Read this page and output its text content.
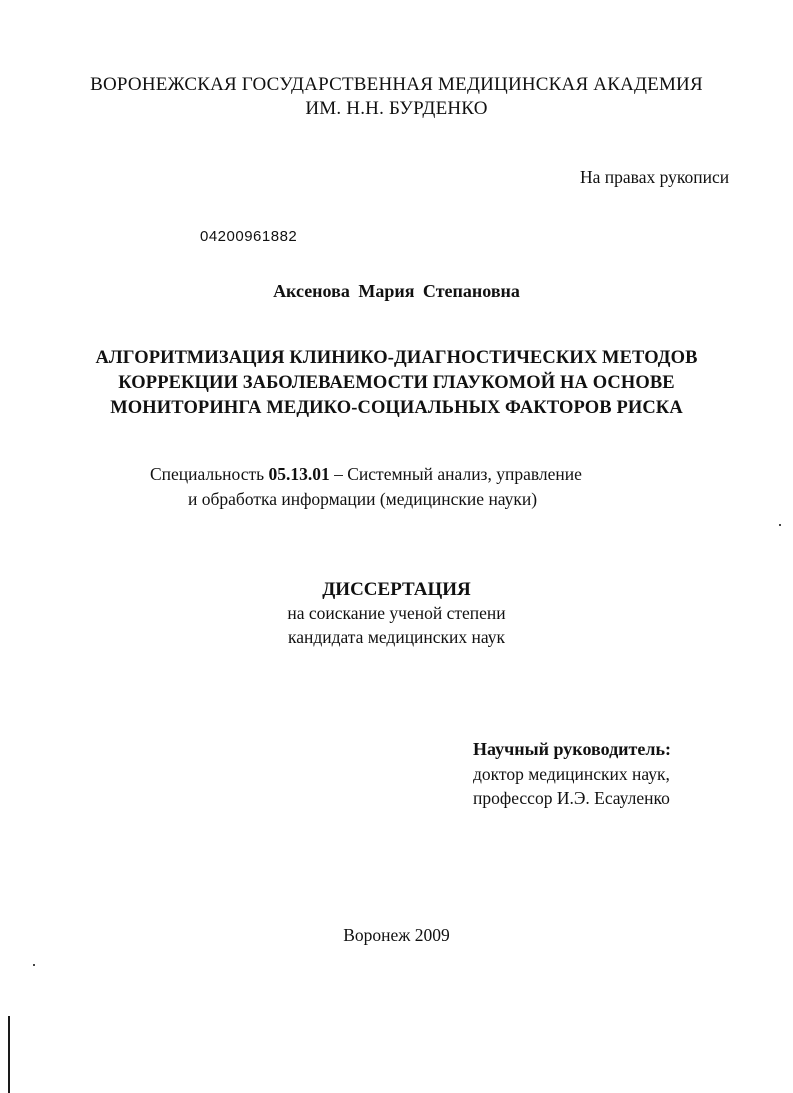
ВОРОНЕЖСКАЯ ГОСУДАРСТВЕННАЯ МЕДИЦИНСКАЯ АКАДЕМИЯ
ИМ. Н.Н. БУРДЕНКО
На правах рукописи
04200961882
Аксенова Мария Степановна
АЛГОРИТМИЗАЦИЯ КЛИНИКО-ДИАГНОСТИЧЕСКИХ МЕТОДОВ
КОРРЕКЦИИ ЗАБОЛЕВАЕМОСТИ ГЛАУКОМОЙ НА ОСНОВЕ
МОНИТОРИНГА МЕДИКО-СОЦИАЛЬНЫХ ФАКТОРОВ РИСКА
Специальность 05.13.01 – Системный анализ, управление
и обработка информации (медицинские науки)
ДИССЕРТАЦИЯ
на соискание ученой степени
кандидата медицинских наук
Научный руководитель:
доктор медицинских наук,
профессор И.Э. Есауленко
Воронеж 2009
